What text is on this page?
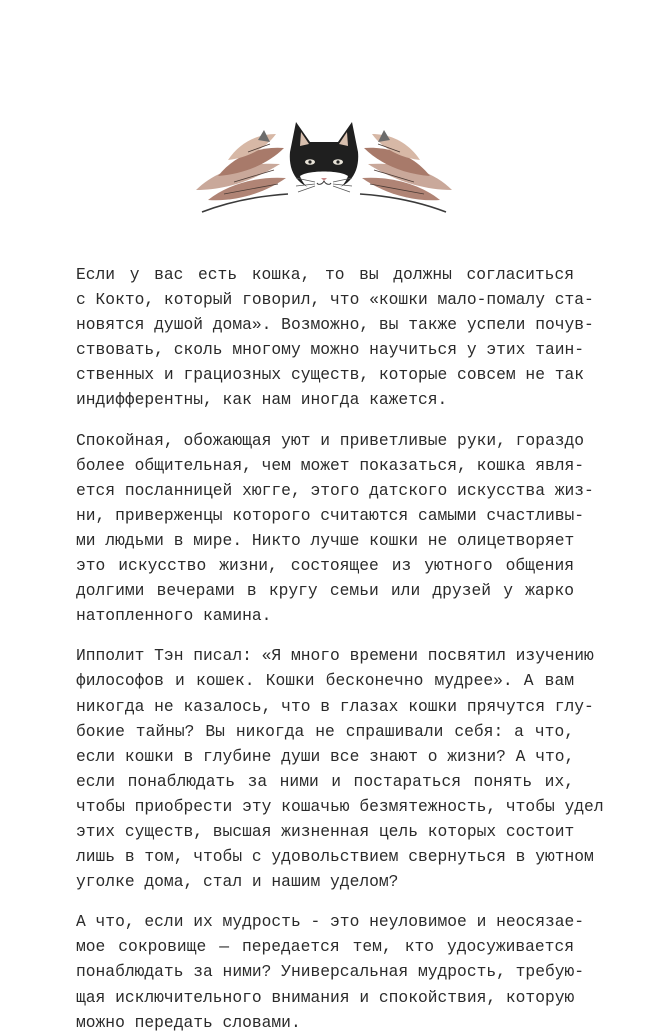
Если у вас есть кошка, то вы должны согласиться
с Кокто, который говорил, что «кошки мало-помалу ста-
новятся душой дома». Возможно, вы также успели почув-
ствовать, сколь многому можно научиться у этих таин-
ственных и грациозных существ, которые совсем не так
индифферентны, как нам иногда кажется.

Спокойная, обожающая уют и приветливые руки, гораздо
более общительная, чем может показаться, кошка явля-
ется посланницей хюгге, этого датского искусства жиз-
ни, приверженцы которого считаются самыми счастливы-
ми людьми в мире. Никто лучше кошки не олицетворяет
это искусство жизни, состоящее из уютного общения
долгими вечерами в кругу семьи или друзей у жарко
натопленного камина.

Ипполит Тэн писал: «Я много времени посвятил изучению
философов и кошек. Кошки бесконечно мудрее». А вам
никогда не казалось, что в глазах кошки прячутся глу-
бокие тайны? Вы никогда не спрашивали себя: а что,
если кошки в глубине души все знают о жизни? А что,
если понаблюдать за ними и постараться понять их,
чтобы приобрести эту кошачью безмятежность, чтобы удел
этих существ, высшая жизненная цель которых состоит
лишь в том, чтобы с удовольствием свернуться в уютном
уголке дома, стал и нашим уделом?

А что, если их мудрость - это неуловимое и неосязае-
мое сокровище — передается тем, кто удосуживается
понаблюдать за ними? Универсальная мудрость, требую-
щая исключительного внимания и спокойствия, которую
можно передать словами.
